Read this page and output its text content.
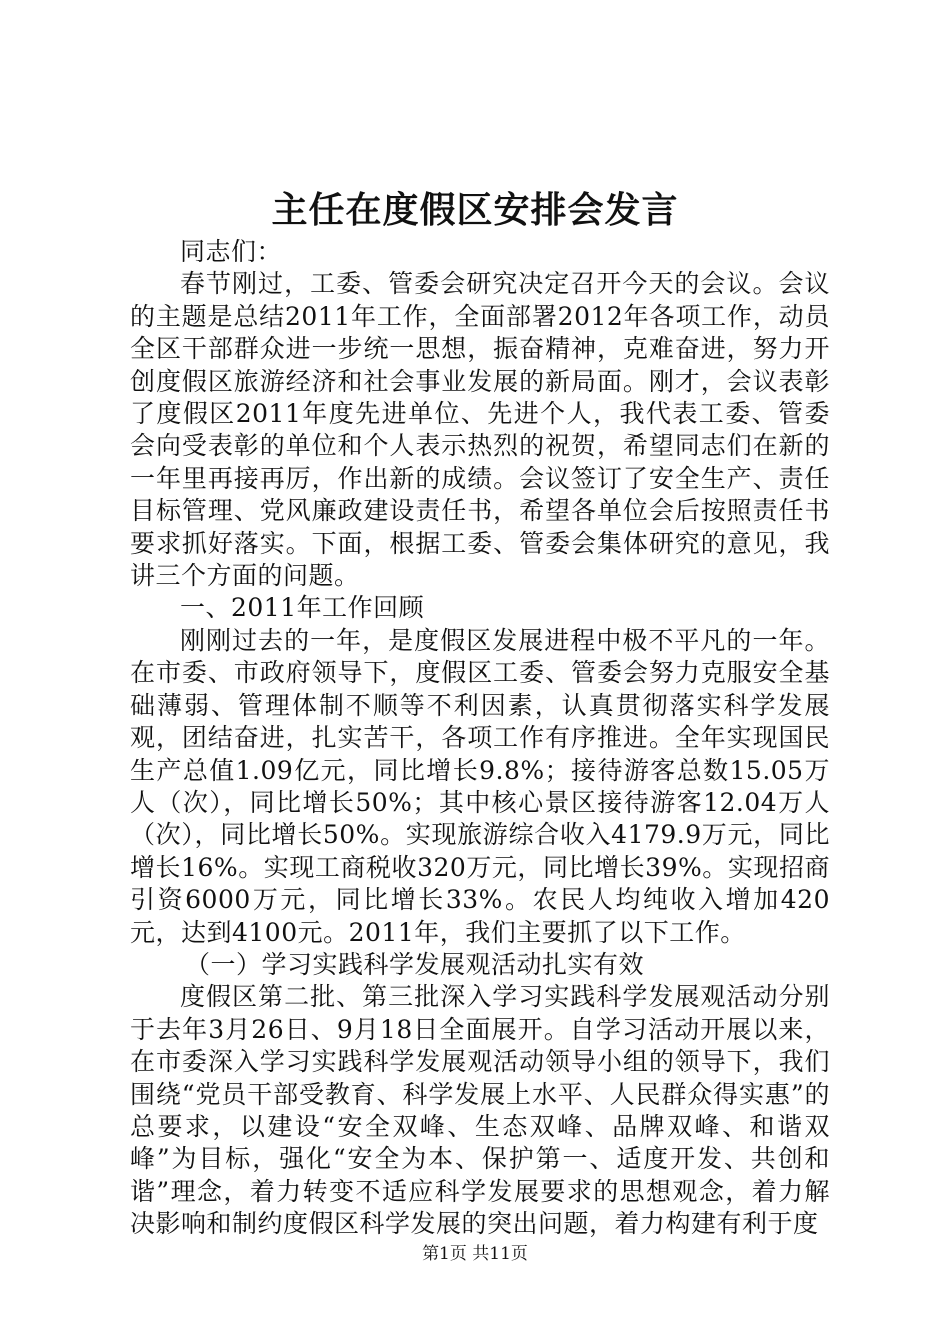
主任在度假区安排会发言

同志们：

春节刚过，工委、管委会研究决定召开今天的会议。会议的主题是总结2011年工作，全面部署2012年各项工作，动员全区干部群众进一步统一思想，振奋精神，克难奋进，努力开创度假区旅游经济和社会事业发展的新局面。刚才，会议表彰了度假区2011年度先进单位、先进个人，我代表工委、管委会向受表彰的单位和个人表示热烈的祝贺，希望同志们在新的一年里再接再厉，作出新的成绩。会议签订了安全生产、责任目标管理、党风廉政建设责任书，希望各单位会后按照责任书要求抓好落实。下面，根据工委、管委会集体研究的意见，我讲三个方面的问题。

一、2011年工作回顾

刚刚过去的一年，是度假区发展进程中极不平凡的一年。在市委、市政府领导下，度假区工委、管委会努力克服安全基础薄弱、管理体制不顺等不利因素，认真贯彻落实科学发展观，团结奋进，扎实苦干，各项工作有序推进。全年实现国民生产总值1.09亿元，同比增长9.8%；接待游客总数15.05万人（次），同比增长50%；其中核心景区接待游客12.04万人（次），同比增长50%。实现旅游综合收入4179.9万元，同比增长16%。实现工商税收320万元，同比增长39%。实现招商引资6000万元，同比增长33%。农民人均纯收入增加420元，达到4100元。2011年，我们主要抓了以下工作。

（一）学习实践科学发展观活动扎实有效

度假区第二批、第三批深入学习实践科学发展观活动分别于去年3月26日、9月18日全面展开。自学习活动开展以来，在市委深入学习实践科学发展观活动领导小组的领导下，我们围绕“党员干部受教育、科学发展上水平、人民群众得实惠”的总要求，以建设“安全双峰、生态双峰、品牌双峰、和谐双峰”为目标，强化“安全为本、保护第一、适度开发、共创和谐”理念，着力转变不适应科学发展要求的思想观念，着力解决影响和制约度假区科学发展的突出问题，着力构建有利于度

第1页 共11页
